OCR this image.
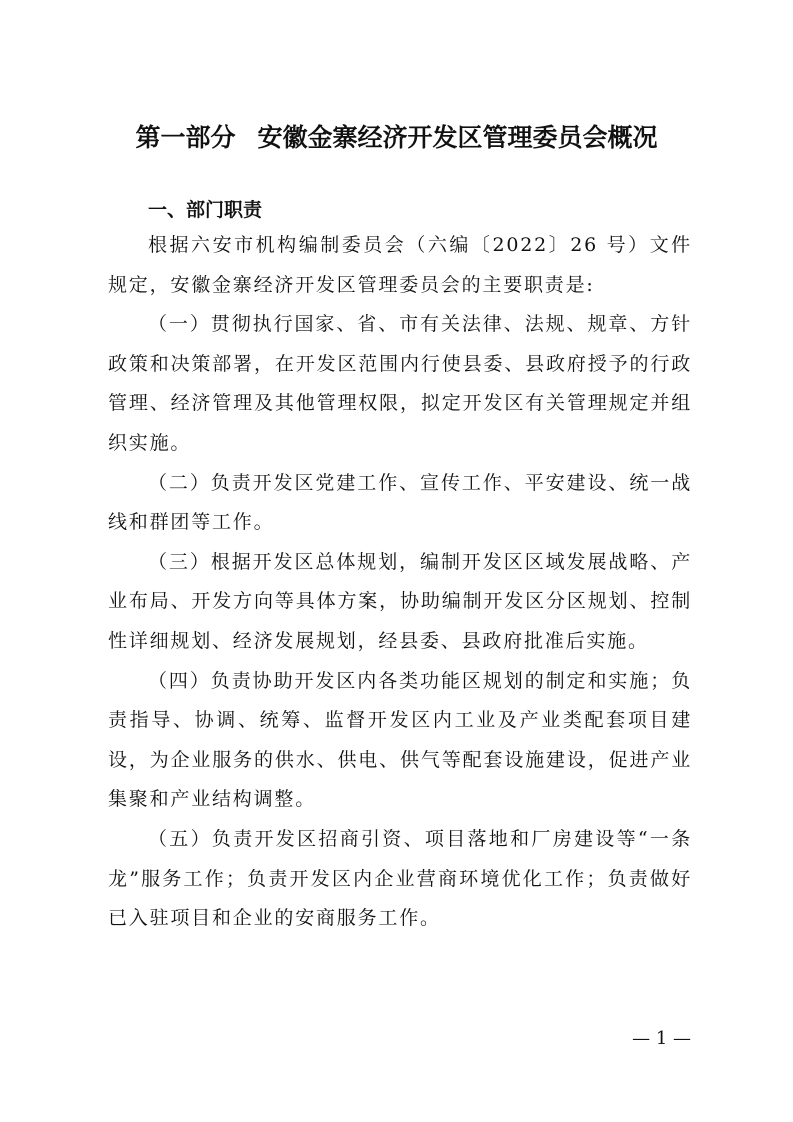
第一部分 安徽金寨经济开发区管理委员会概况
一、部门职责

根据六安市机构编制委员会（六编〔2022〕26 号）文件规定，安徽金寨经济开发区管理委员会的主要职责是:

（一）贯彻执行国家、省、市有关法律、法规、规章、方针政策和决策部署，在开发区范围内行使县委、县政府授予的行政管理、经济管理及其他管理权限，拟定开发区有关管理规定并组织实施。

（二）负责开发区党建工作、宣传工作、平安建设、统一战线和群团等工作。

（三）根据开发区总体规划，编制开发区区域发展战略、产业布局、开发方向等具体方案，协助编制开发区分区规划、控制性详细规划、经济发展规划，经县委、县政府批准后实施。

（四）负责协助开发区内各类功能区规划的制定和实施；负责指导、协调、统筹、监督开发区内工业及产业类配套项目建设，为企业服务的供水、供电、供气等配套设施建设，促进产业集聚和产业结构调整。

（五）负责开发区招商引资、项目落地和厂房建设等“一条龙”服务工作；负责开发区内企业营商环境优化工作；负责做好已入驻项目和企业的安商服务工作。

— 1 —
